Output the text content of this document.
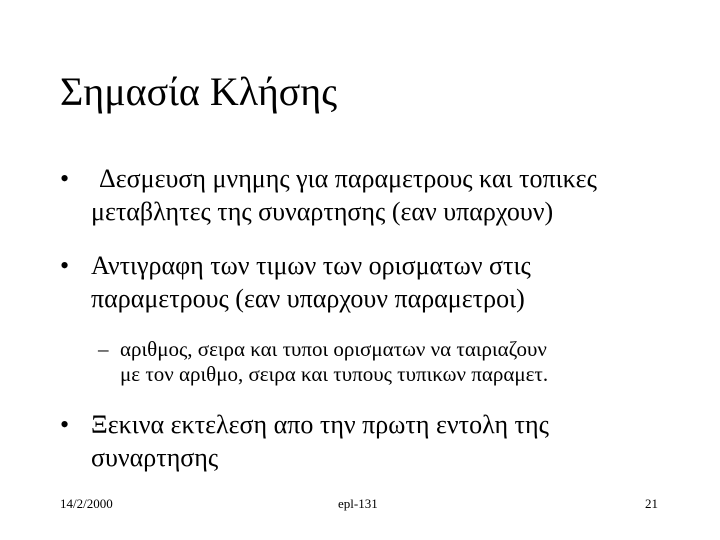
Σημασία Κλήσης
• Δεσμευση μνημης για παραμετρους και τοπικες
μεταβλητες της συναρτησης (εαν υπαρχουν)
• Αντιγραφη των τιμων των ορισματων στις
παραμετρους (εαν υπαρχουν παραμετροι)
– αριθμος, σειρα και τυποι ορισματων να ταιριαζουν
με τον αριθμο, σειρα και τυπους τυπικων παραμετ.
• Ξεκινα εκτελεση απο την πρωτη εντολη της
συναρτησης
14/2/2000	epl-131	21
